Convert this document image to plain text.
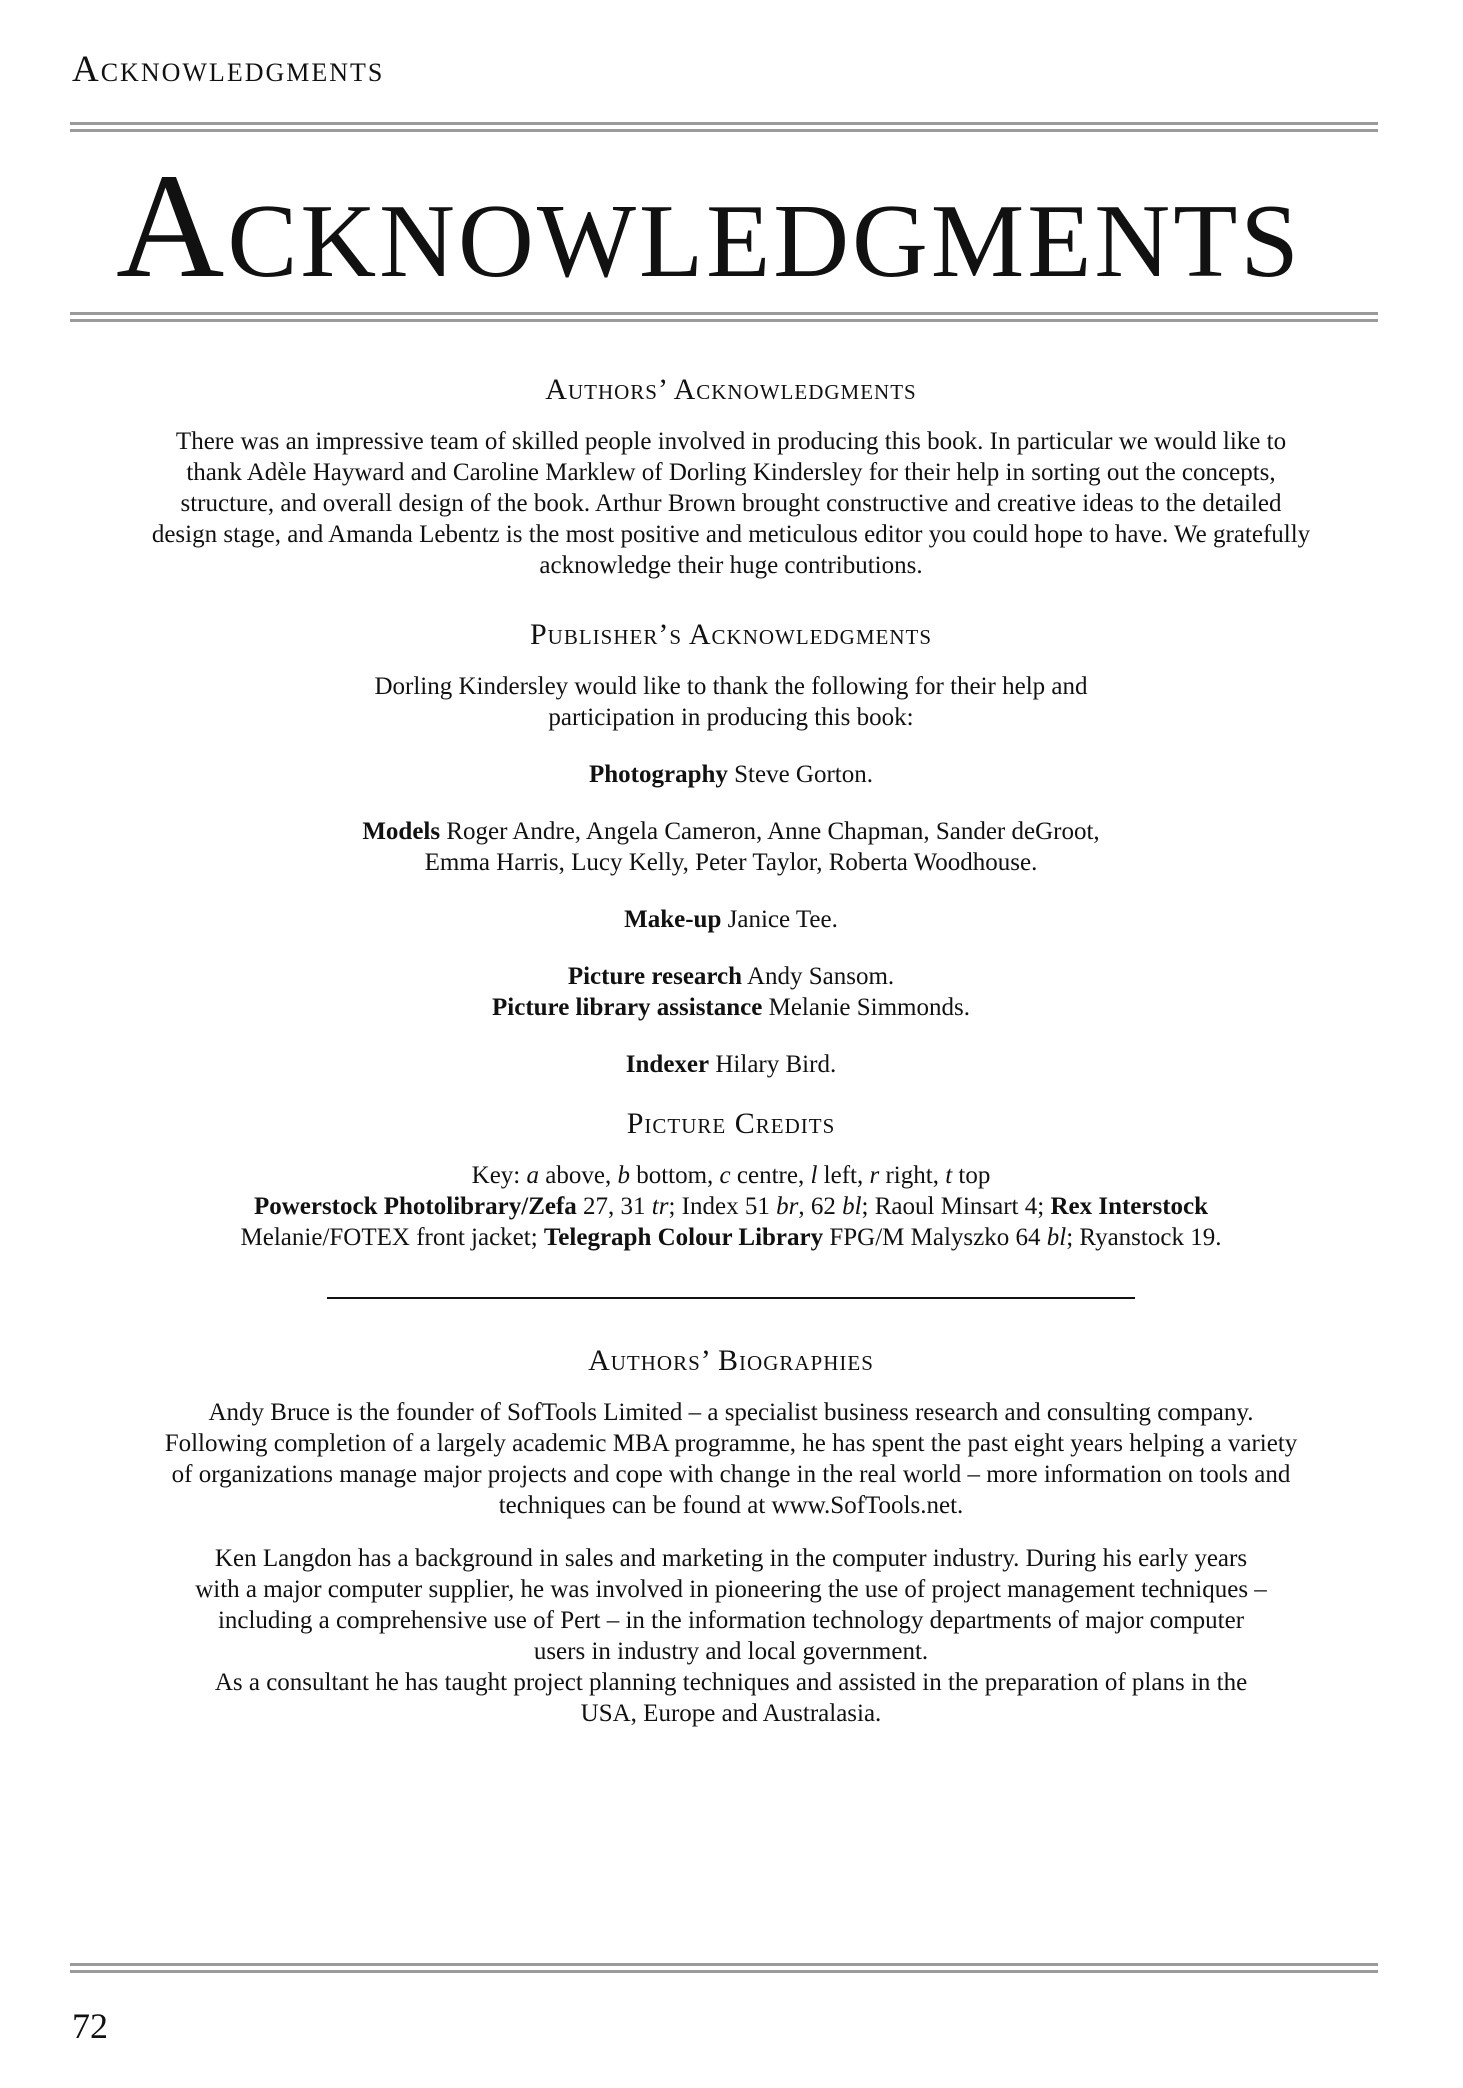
Acknowledgments
Acknowledgments
Authors’ Acknowledgments

There was an impressive team of skilled people involved in producing this book. In particular we would like to thank Adèle Hayward and Caroline Marklew of Dorling Kindersley for their help in sorting out the concepts, structure, and overall design of the book. Arthur Brown brought constructive and creative ideas to the detailed design stage, and Amanda Lebentz is the most positive and meticulous editor you could hope to have. We gratefully acknowledge their huge contributions.

Publisher’s Acknowledgments

Dorling Kindersley would like to thank the following for their help and
participation in producing this book:

Photography Steve Gorton.

Models Roger Andre, Angela Cameron, Anne Chapman, Sander deGroot,
Emma Harris, Lucy Kelly, Peter Taylor, Roberta Woodhouse.

Make-up Janice Tee.

Picture research Andy Sansom.
Picture library assistance Melanie Simmonds.

Indexer Hilary Bird.

Picture Credits

Key: a above, b bottom, c centre, l left, r right, t top

Powerstock Photolibrary/Zefa 27, 31 tr; Index 51 br, 62 bl; Raoul Minsart 4; Rex Interstock

Melanie/FOTEX front jacket; Telegraph Colour Library FPG/M Malyszko 64 bl; Ryanstock 19.

Authors’ Biographies

Andy Bruce is the founder of SofTools Limited – a specialist business research and consulting company. Following completion of a largely academic MBA programme, he has spent the past eight years helping a variety of organizations manage major projects and cope with change in the real world – more information on tools and techniques can be found at www.SofTools.net.

Ken Langdon has a background in sales and marketing in the computer industry. During his early years with a major computer supplier, he was involved in pioneering the use of project management techniques – including a comprehensive use of Pert – in the information technology departments of major computer users in industry and local government.

As a consultant he has taught project planning techniques and assisted in the preparation of plans in the USA, Europe and Australasia.

72
